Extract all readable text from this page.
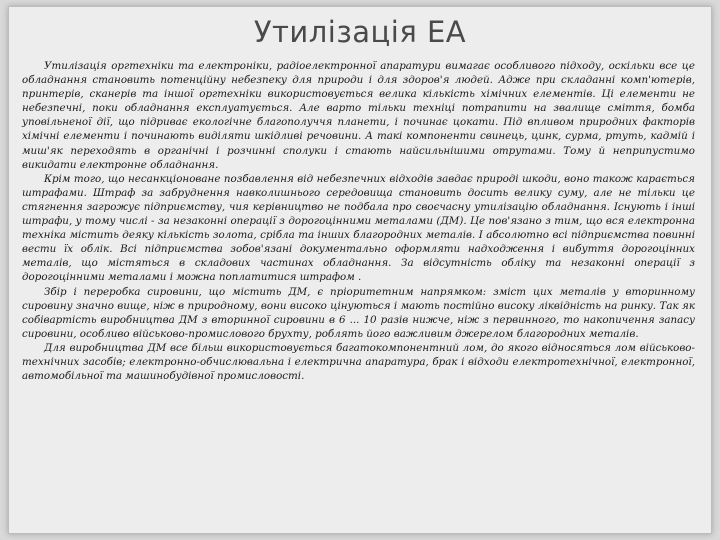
Утилізація ЕА

Утилізація оргтехніки та електроніки, радіоелектронної апаратури вимагає особливого підходу, оскільки все це обладнання становить потенційну небезпеку для природи і для здоров'я людей. Адже при складанні комп'ютерів, принтерів, сканерів та іншої оргтехніки використовується велика кількість хімічних елементів. Ці елементи не небезпечні, поки обладнання експлуатується. Але варто тільки техніці потрапити на звалище сміття, бомба уповільненої дії, що підриває екологічне благополуччя планети, і починає цокати. Під впливом природних факторів хімічні елементи і починають виділяти шкідливі речовини. А такі компоненти свинець, цинк, сурма, ртуть, кадмій і миш'як переходять в органічні і розчинні сполуки і стають найсильнішими отрутами. Тому й неприпустимо викидати електронне обладнання.

Крім того, що несанкціоноване позбавлення від небезпечних відходів завдає природі шкоди, воно також карається штрафами. Штраф за забруднення навколишнього середовища становить досить велику суму, але не тільки це стягнення загрожує підприємству, чия керівництво не подбала про своєчасну утилізацію обладнання. Існують і інші штрафи, у тому числі - за незаконні операції з дорогоцінними металами (ДМ). Це пов'язано з тим, що вся електронна техніка містить деяку кількість золота, срібла та інших благородних металів. І абсолютно всі підприємства повинні вести їх облік. Всі підприємства зобов'язані документально оформляти надходження і вибуття дорогоцінних металів, що містяться в складових частинах обладнання. За відсутність обліку та незаконні операції з дорогоцінними металами і можна поплатитися штрафом .

Збір і переробка сировини, що містить ДМ, є пріоритетним напрямком: зміст цих металів у вторинному сировину значно вище, ніж в природному, вони високо цінуються і мають постійно високу ліквідність на ринку. Так як собівартість виробництва ДМ з вторинної сировини в 6 ... 10 разів нижче, ніж з первинного, то накопичення запасу сировини, особливо військово-промислового брухту, роблять його важливим джерелом благородних металів.

Для виробництва ДМ все більш використовується багатокомпонентний лом, до якого відносяться лом військово-технічних засобів; електронно-обчислювальна і електрична апаратура, брак і відходи електротехнічної, електронної, автомобільної та машинобудівної промисловості.
